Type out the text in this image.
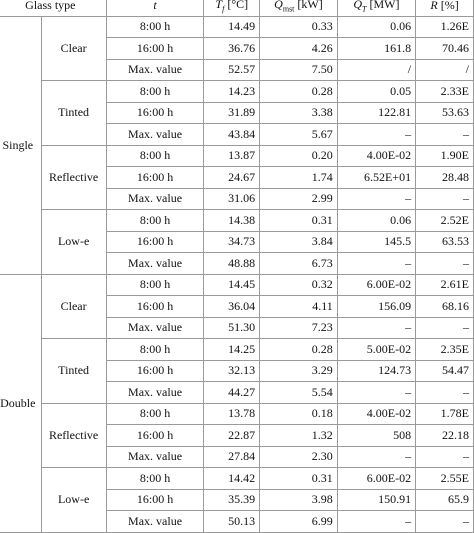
Glass type		t	$T_f$ [°C]	$Q_{mst}$ [kW]	$Q_T$ [MW]	R [%]
Single	Clear	8:00 h	14.49	0.33	0.06	1.26E
		16:00 h	36.76	4.26	161.8	70.46
		Max. value	52.57	7.50	/	/
	Tinted	8:00 h	14.23	0.28	0.05	2.33E
		16:00 h	31.89	3.38	122.81	53.63
		Max. value	43.84	5.67	–	–
	Reflective	8:00 h	13.87	0.20	4.00E-02	1.90E
		16:00 h	24.67	1.74	6.52E+01	28.48
		Max. value	31.06	2.99	–	–
	Low-e	8:00 h	14.38	0.31	0.06	2.52E
		16:00 h	34.73	3.84	145.5	63.53
		Max. value	48.88	6.73	–	–
Double	Clear	8:00 h	14.45	0.32	6.00E-02	2.61E
		16:00 h	36.04	4.11	156.09	68.16
		Max. value	51.30	7.23	–	–
	Tinted	8:00 h	14.25	0.28	5.00E-02	2.35E
		16:00 h	32.13	3.29	124.73	54.47
		Max. value	44.27	5.54	–	–
	Reflective	8:00 h	13.78	0.18	4.00E-02	1.78E
		16:00 h	22.87	1.32	508	22.18
		Max. value	27.84	2.30	–	–
	Low-e	8:00 h	14.42	0.31	6.00E-02	2.55E
		16:00 h	35.39	3.98	150.91	65.9
		Max. value	50.13	6.99	–	–
